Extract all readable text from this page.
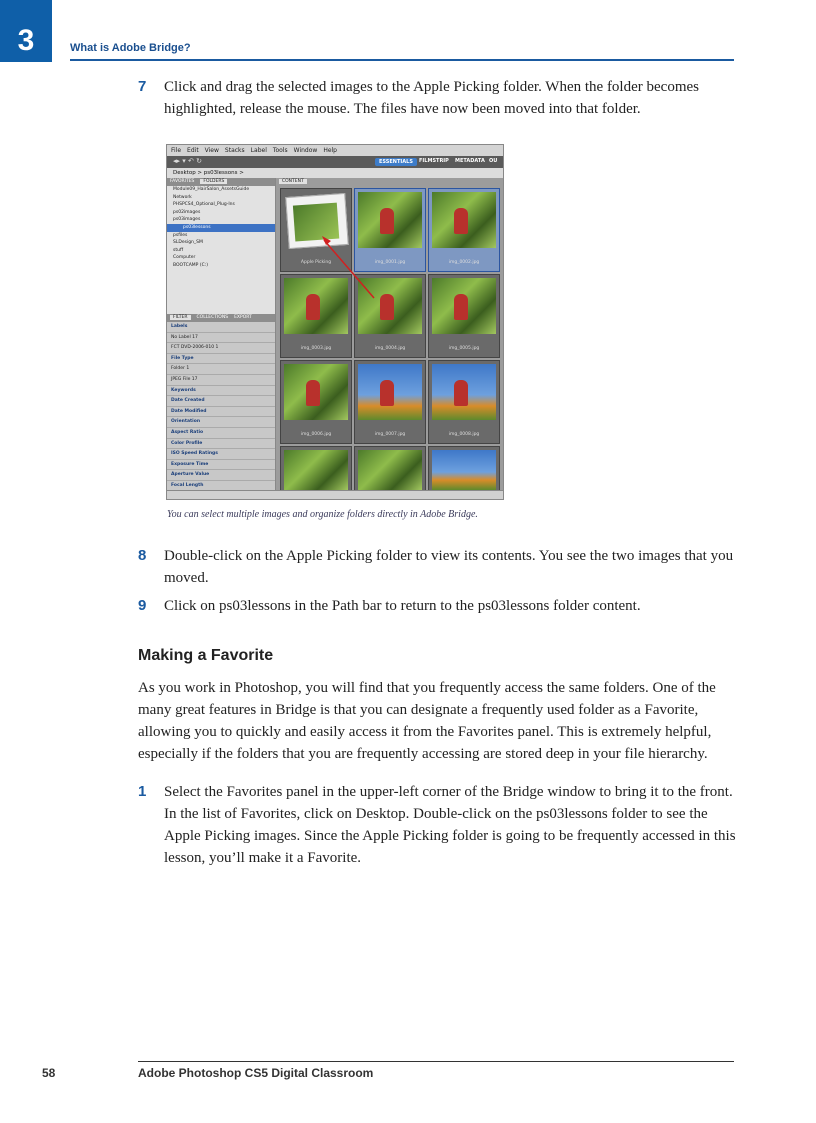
3	What is Adobe Bridge?
7 Click and drag the selected images to the Apple Picking folder. When the folder becomes highlighted, release the mouse. The files have now been moved into that folder.
File Edit View Stacks Label Tools Window Help
◂▸ ▾ ↶ ↻	ESSENTIALS	FILMSTRIP METADATA OU
Desktop > ps03lessons >
FAVORITES FOLDERS
Module09_HairSalon_AssetsGuide
Network
PHSPCS4_Optional_Plug-Ins
ps02images
ps03images
ps03lessons
psfiles
SLDesign_SM
stuff
Computer
BOOTCAMP (C:)
FILTER COLLECTIONS EXPORT
Labels
No Label 17
FCT DVD-2006-010 1
File Type
Folder 1
JPEG File 17
Keywords
Date Created
Date Modified
Orientation
Aspect Ratio
Color Profile
ISO Speed Ratings
Exposure Time
Aperture Value
Focal Length
CONTENT
Apple Picking	img_0001.jpg	img_0002.jpg
img_0003.jpg	img_0004.jpg	img_0005.jpg
img_0006.jpg	img_0007.jpg	img_0008.jpg
You can select multiple images and organize folders directly in Adobe Bridge.
8 Double-click on the Apple Picking folder to view its contents. You see the two images that you moved.
9 Click on ps03lessons in the Path bar to return to the ps03lessons folder content.
Making a Favorite
As you work in Photoshop, you will find that you frequently access the same folders. One of the many great features in Bridge is that you can designate a frequently used folder as a Favorite, allowing you to quickly and easily access it from the Favorites panel. This is extremely helpful, especially if the folders that you are frequently accessing are stored deep in your file hierarchy.
1 Select the Favorites panel in the upper-left corner of the Bridge window to bring it to the front. In the list of Favorites, click on Desktop. Double-click on the ps03lessons folder to see the Apple Picking images. Since the Apple Picking folder is going to be frequently accessed in this lesson, you’ll make it a Favorite.
58	Adobe Photoshop CS5 Digital Classroom
